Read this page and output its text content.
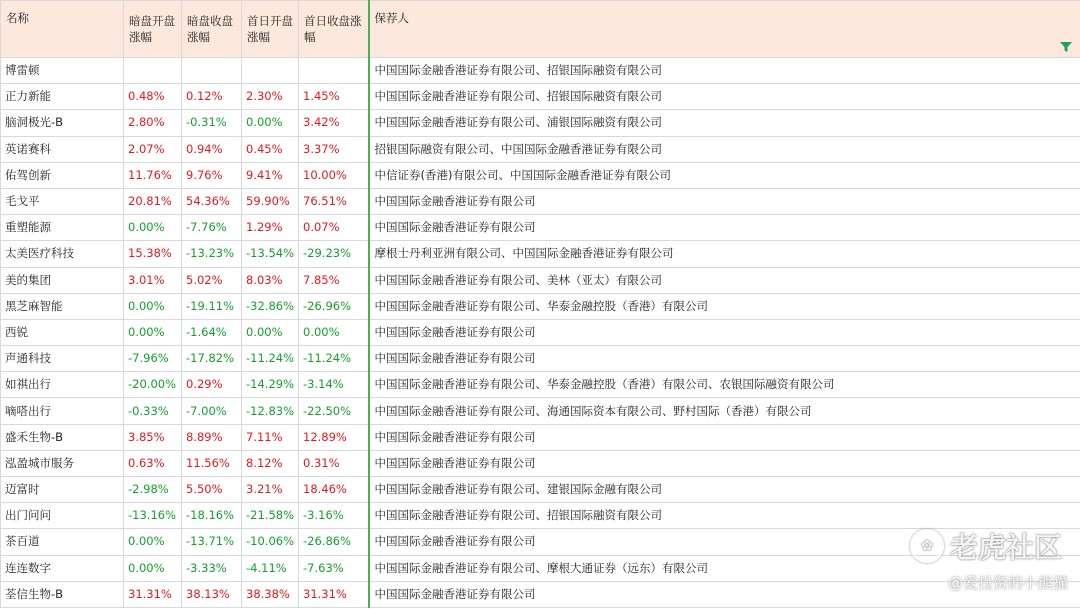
名称	暗盘开盘涨幅	暗盘收盘涨幅	首日开盘涨幅	首日收盘涨幅	保荐人

博雷顿					中国国际金融香港证券有限公司、招银国际融资有限公司
正力新能	0.48%	0.12%	2.30%	1.45%	中国国际金融香港证券有限公司、招银国际融资有限公司
脑洞极光-B	2.80%	-0.31%	0.00%	3.42%	中国国际金融香港证券有限公司、浦银国际融资有限公司
英诺赛科	2.07%	0.94%	0.45%	3.37%	招银国际融资有限公司、中国国际金融香港证券有限公司
佑驾创新	11.76%	9.76%	9.41%	10.00%	中信证券(香港)有限公司、中国国际金融香港证券有限公司
毛戈平	20.81%	54.36%	59.90%	76.51%	中国国际金融香港证券有限公司
重塑能源	0.00%	-7.76%	1.29%	0.07%	中国国际金融香港证券有限公司
太美医疗科技	15.38%	-13.23%	-13.54%	-29.23%	摩根士丹利亚洲有限公司、中国国际金融香港证券有限公司
美的集团	3.01%	5.02%	8.03%	7.85%	中国国际金融香港证券有限公司、美林（亚太）有限公司
黑芝麻智能	0.00%	-19.11%	-32.86%	-26.96%	中国国际金融香港证券有限公司、华泰金融控股（香港）有限公司
西锐	0.00%	-1.64%	0.00%	0.00%	中国国际金融香港证券有限公司
声通科技	-7.96%	-17.82%	-11.24%	-11.24%	中国国际金融香港证券有限公司
如祺出行	-20.00%	0.29%	-14.29%	-3.14%	中国国际金融香港证券有限公司、华泰金融控股（香港）有限公司、农银国际融资有限公司
嘀嗒出行	-0.33%	-7.00%	-12.83%	-22.50%	中国国际金融香港证券有限公司、海通国际资本有限公司、野村国际（香港）有限公司
盛禾生物-B	3.85%	8.89%	7.11%	12.89%	中国国际金融香港证券有限公司
泓盈城市服务	0.63%	11.56%	8.12%	0.31%	中国国际金融香港证券有限公司
迈富时	-2.98%	5.50%	3.21%	18.46%	中国国际金融香港证券有限公司、建银国际金融有限公司
出门问问	-13.16%	-18.16%	-21.58%	-3.16%	中国国际金融香港证券有限公司、招银国际融资有限公司
茶百道	0.00%	-13.71%	-10.06%	-26.86%	中国国际金融香港证券有限公司
连连数字	0.00%	-3.33%	-4.11%	-7.63%	中国国际金融香港证券有限公司、摩根大通证券（远东）有限公司
荃信生物-B	31.31%	38.13%	38.38%	31.31%	中国国际金融香港证券有限公司
✿ 老虎社区
@爱投资的小熊猫
